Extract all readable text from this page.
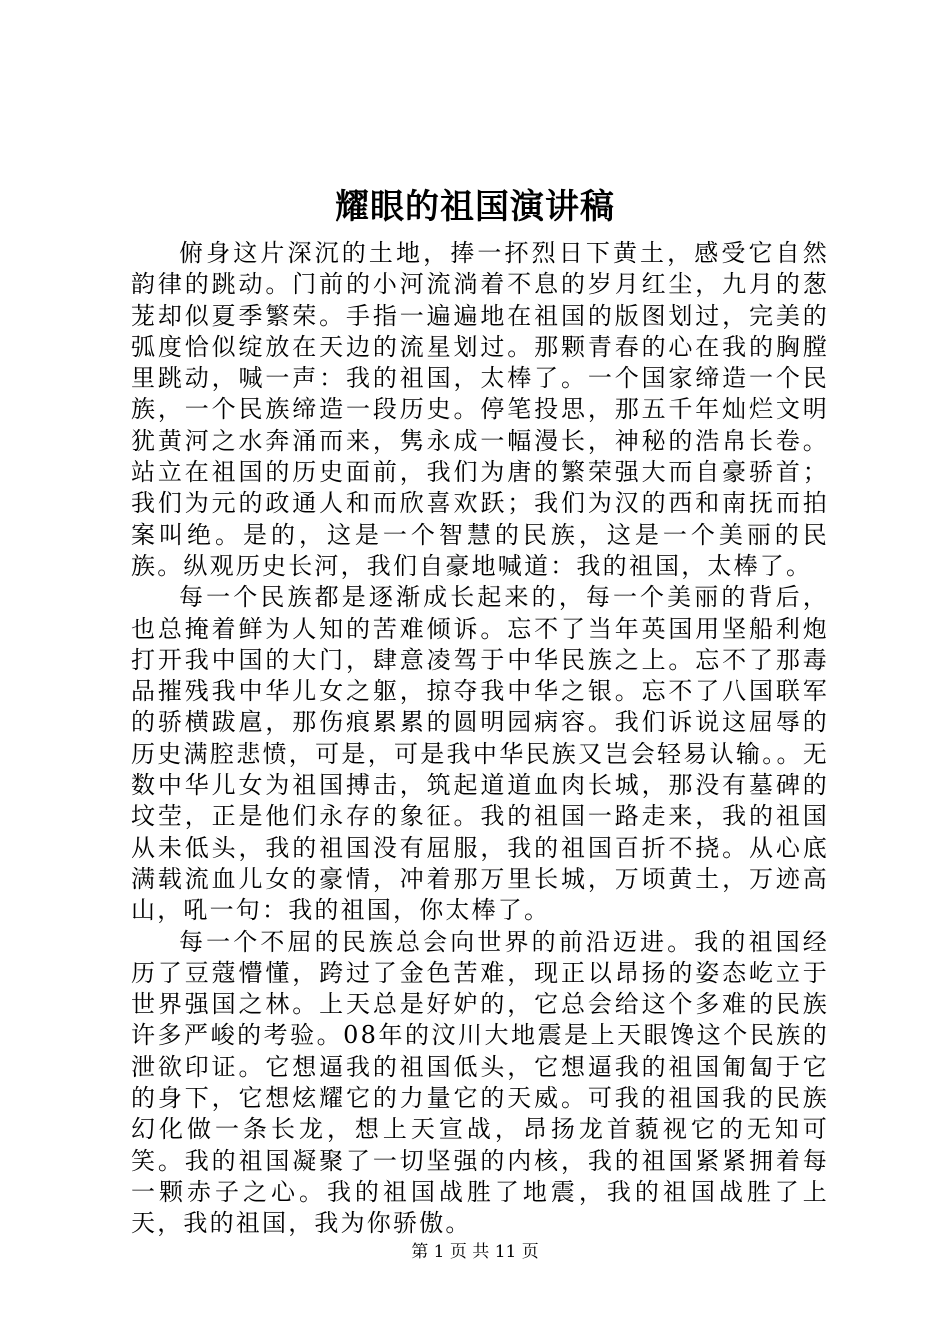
耀眼的祖国演讲稿

俯身这片深沉的土地，捧一抔烈日下黄土，感受它自然韵律的跳动。门前的小河流淌着不息的岁月红尘，九月的葱茏却似夏季繁荣。手指一遍遍地在祖国的版图划过，完美的弧度恰似绽放在天边的流星划过。那颗青春的心在我的胸膛里跳动，喊一声：我的祖国，太棒了。一个国家缔造一个民族，一个民族缔造一段历史。停笔投思，那五千年灿烂文明犹黄河之水奔涌而来，隽永成一幅漫长，神秘的浩帛长卷。站立在祖国的历史面前，我们为唐的繁荣强大而自豪骄首；我们为元的政通人和而欣喜欢跃；我们为汉的西和南抚而拍案叫绝。是的，这是一个智慧的民族，这是一个美丽的民族。纵观历史长河，我们自豪地喊道：我的祖国，太棒了。

每一个民族都是逐渐成长起来的，每一个美丽的背后，也总掩着鲜为人知的苦难倾诉。忘不了当年英国用坚船利炮打开我中国的大门，肆意凌驾于中华民族之上。忘不了那毒品摧残我中华儿女之躯，掠夺我中华之银。忘不了八国联军的骄横跋扈，那伤痕累累的圆明园病容。我们诉说这屈辱的历史满腔悲愤，可是，可是我中华民族又岂会轻易认输。。无数中华儿女为祖国搏击，筑起道道血肉长城，那没有墓碑的坟茔，正是他们永存的象征。我的祖国一路走来，我的祖国从未低头，我的祖国没有屈服，我的祖国百折不挠。从心底满载流血儿女的豪情，冲着那万里长城，万顷黄土，万迹高山，吼一句：我的祖国，你太棒了。

每一个不屈的民族总会向世界的前沿迈进。我的祖国经历了豆蔻懵懂，跨过了金色苦难，现正以昂扬的姿态屹立于世界强国之林。上天总是好妒的，它总会给这个多难的民族许多严峻的考验。08年的汶川大地震是上天眼馋这个民族的泄欲印证。它想逼我的祖国低头，它想逼我的祖国匍匐于它的身下，它想炫耀它的力量它的天威。可我的祖国我的民族幻化做一条长龙，想上天宣战，昂扬龙首藐视它的无知可笑。我的祖国凝聚了一切坚强的内核，我的祖国紧紧拥着每一颗赤子之心。我的祖国战胜了地震，我的祖国战胜了上天，我的祖国，我为你骄傲。

第 1 页 共 11 页
